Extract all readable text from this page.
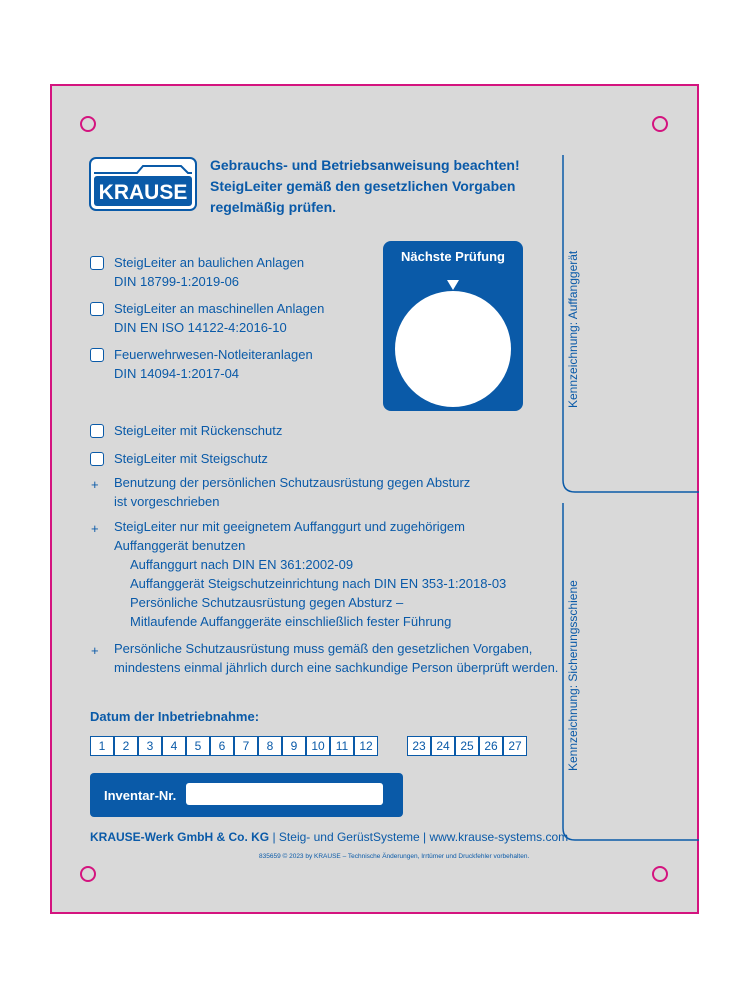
KRAUSE
Gebrauchs- und Betriebsanweisung beachten!
SteigLeiter gemäß den gesetzlichen Vorgaben
regelmäßig prüfen.
SteigLeiter an baulichen Anlagen
DIN 18799-1:2019-06
SteigLeiter an maschinellen Anlagen
DIN EN ISO 14122-4:2016-10
Feuerwehrwesen-Notleiteranlagen
DIN 14094-1:2017-04
SteigLeiter mit Rückenschutz
SteigLeiter mit Steigschutz
+ Benutzung der persönlichen Schutzausrüstung gegen Absturz
ist vorgeschrieben
+ SteigLeiter nur mit geeignetem Auffanggurt und zugehörigem
Auffanggerät benutzen
Auffanggurt nach DIN EN 361:2002-09
Auffanggerät Steigschutzeinrichtung nach DIN EN 353-1:2018-03
Persönliche Schutzausrüstung gegen Absturz –
Mitlaufende Auffanggeräte einschließlich fester Führung
+ Persönliche Schutzausrüstung muss gemäß den gesetzlichen Vorgaben,
mindestens einmal jährlich durch eine sachkundige Person überprüft werden.
Nächste Prüfung
Datum der Inbetriebnahme:
1	2	3	4	5	6	7	8	9	10 11 12	23 24 25 26 27
Inventar-Nr.
KRAUSE-Werk GmbH & Co. KG | Steig- und GerüstSysteme | www.krause-systems.com
835659 © 2023 by KRAUSE – Technische Änderungen, Irrtümer und Druckfehler vorbehalten.
Kennzeichnung: Auffanggerät
Kennzeichnung: Sicherungsschiene
